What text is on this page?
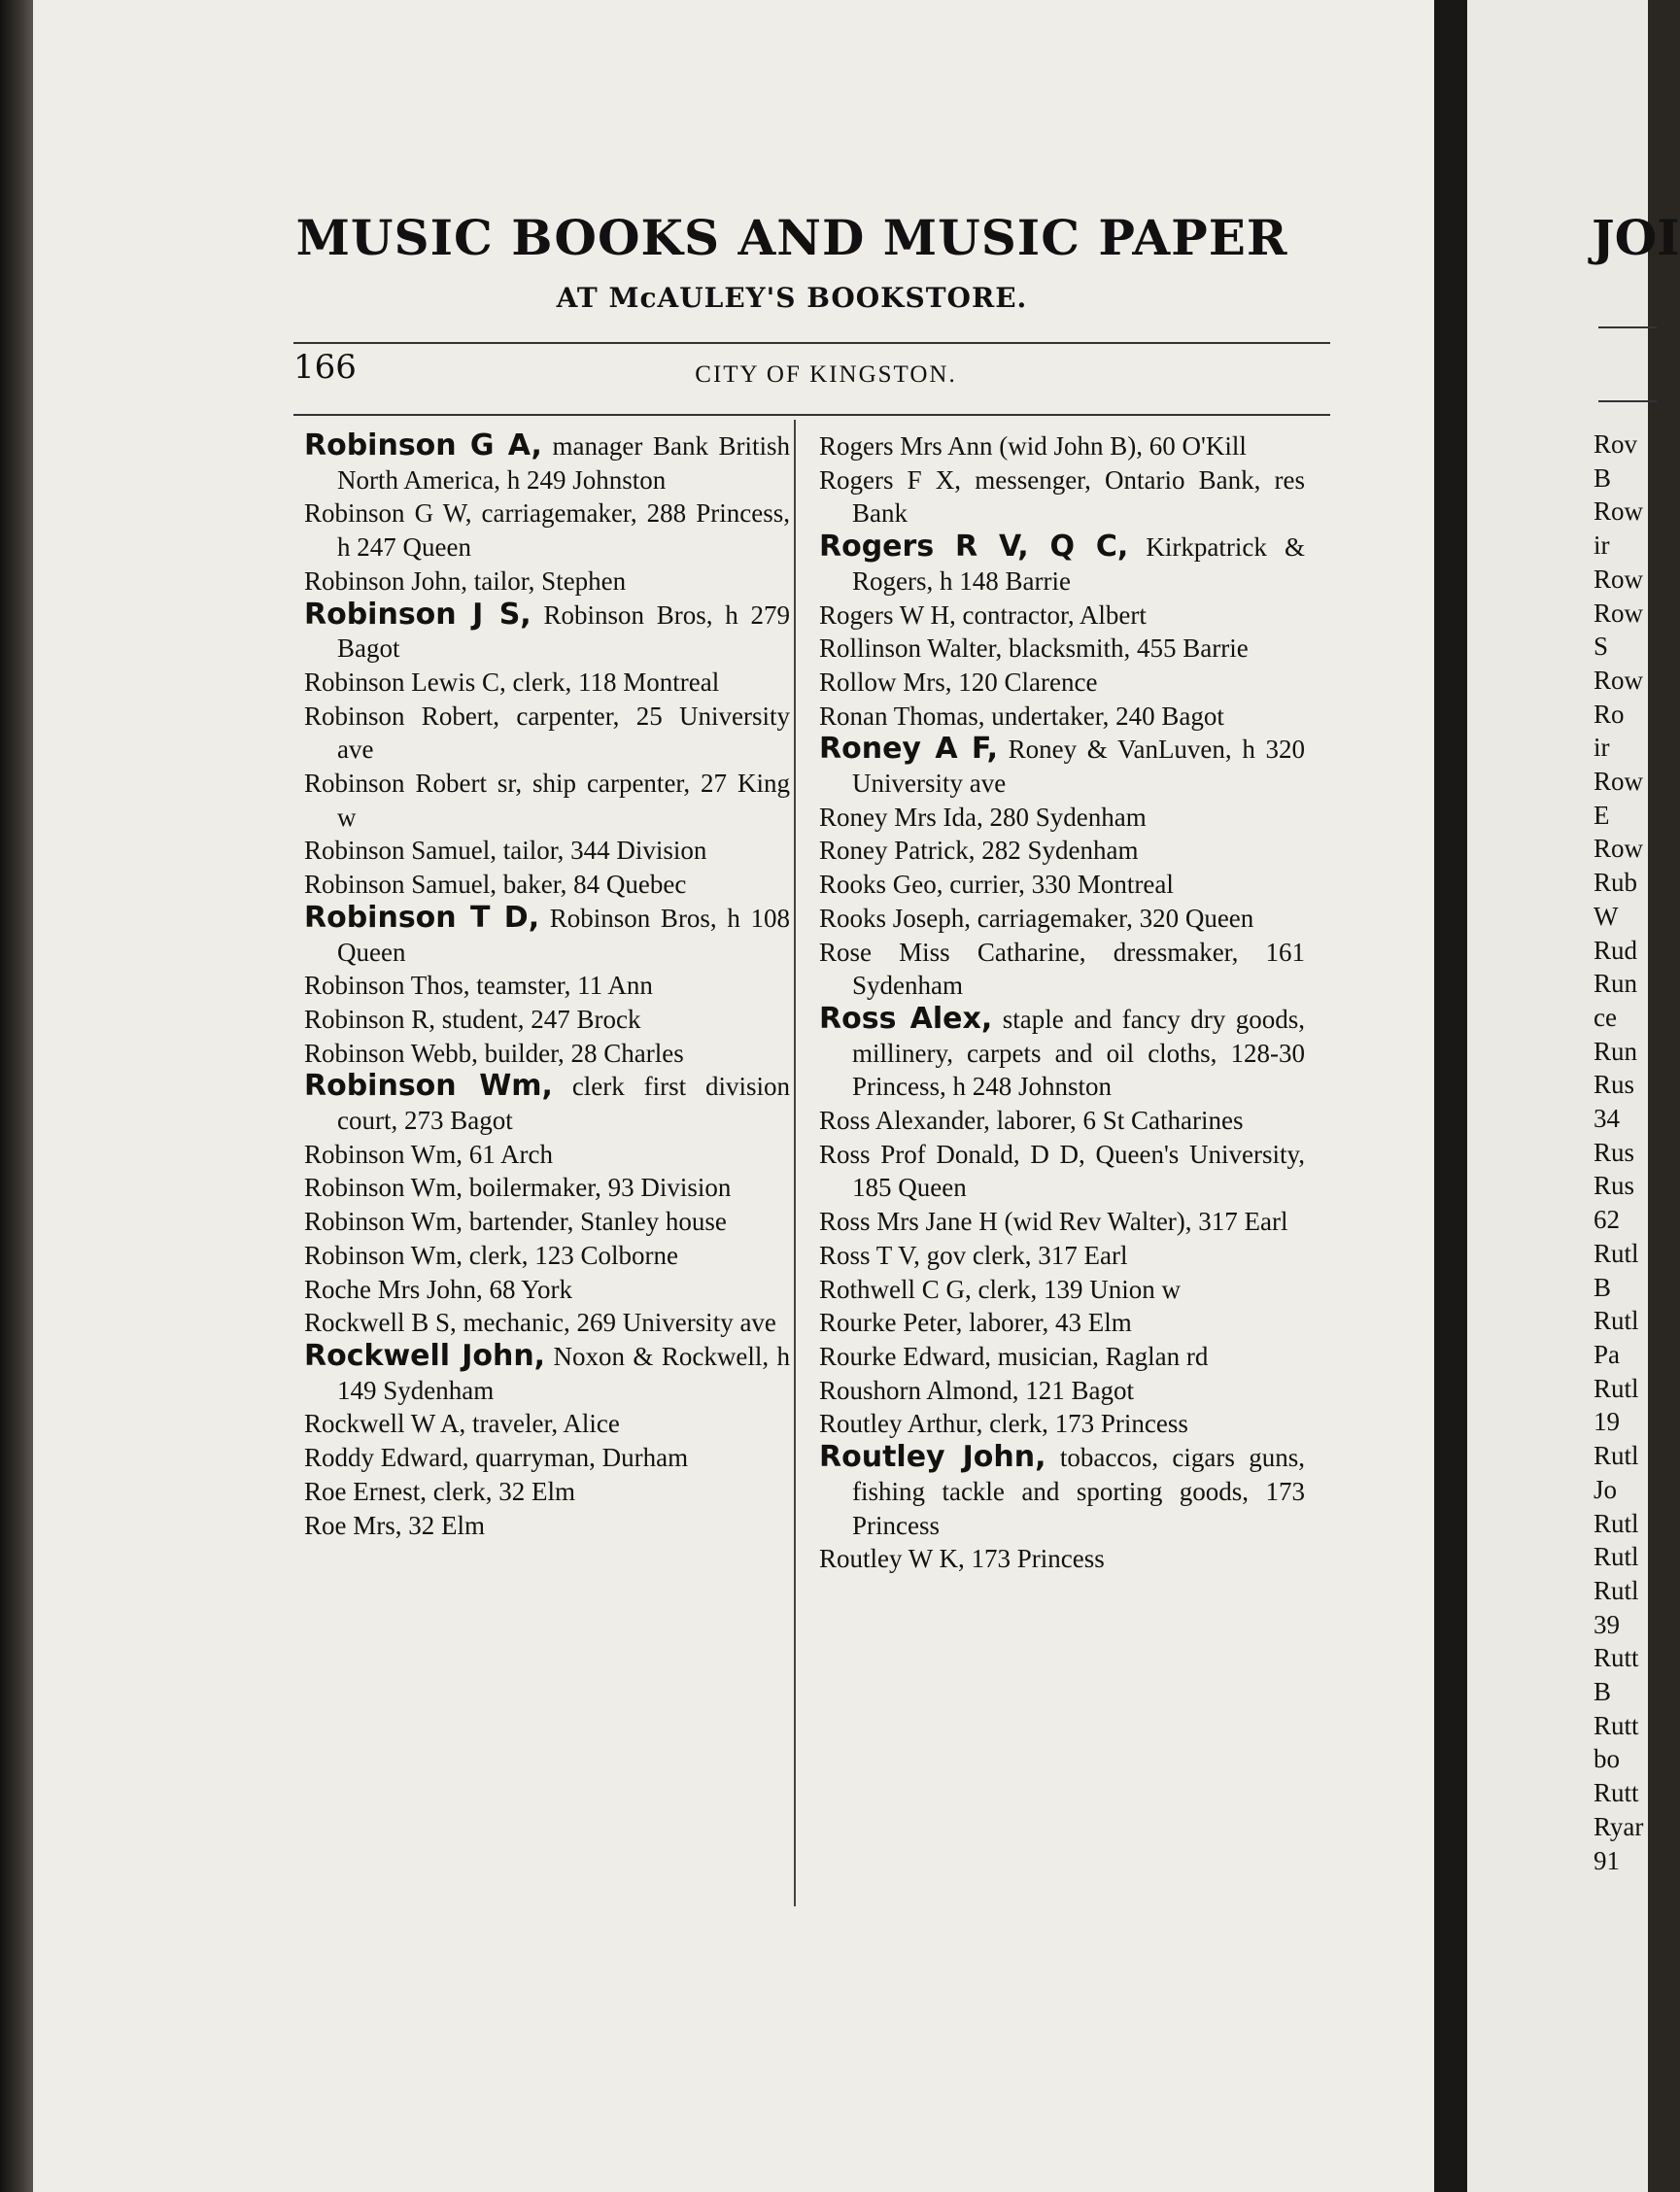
MUSIC BOOKS AND MUSIC PAPER
AT McAULEY'S BOOKSTORE.
166	CITY OF KINGSTON.
Robinson G A, manager Bank British North America, h 249 Johnston
Robinson G W, carriagemaker, 288 Princess, h 247 Queen
Robinson John, tailor, Stephen
Robinson J S, Robinson Bros, h 279 Bagot
Robinson Lewis C, clerk, 118 Montreal
Robinson Robert, carpenter, 25 University ave
Robinson Robert sr, ship carpenter, 27 King w
Robinson Samuel, tailor, 344 Division
Robinson Samuel, baker, 84 Quebec
Robinson T D, Robinson Bros, h 108 Queen
Robinson Thos, teamster, 11 Ann
Robinson R, student, 247 Brock
Robinson Webb, builder, 28 Charles
Robinson Wm, clerk first division court, 273 Bagot
Robinson Wm, 61 Arch
Robinson Wm, boilermaker, 93 Division
Robinson Wm, bartender, Stanley house
Robinson Wm, clerk, 123 Colborne
Roche Mrs John, 68 York
Rockwell B S, mechanic, 269 University ave
Rockwell John, Noxon & Rockwell, h 149 Sydenham
Rockwell W A, traveler, Alice
Roddy Edward, quarryman, Durham
Roe Ernest, clerk, 32 Elm
Roe Mrs, 32 Elm
Rogers Mrs Ann (wid John B), 60 O'Kill
Rogers F X, messenger, Ontario Bank, res Bank
Rogers R V, Q C, Kirkpatrick & Rogers, h 148 Barrie
Rogers W H, contractor, Albert
Rollinson Walter, blacksmith, 455 Barrie
Rollow Mrs, 120 Clarence
Ronan Thomas, undertaker, 240 Bagot
Roney A F, Roney & VanLuven, h 320 University ave
Roney Mrs Ida, 280 Sydenham
Roney Patrick, 282 Sydenham
Rooks Geo, currier, 330 Montreal
Rooks Joseph, carriagemaker, 320 Queen
Rose Miss Catharine, dressmaker, 161 Sydenham
Ross Alex, staple and fancy dry goods, millinery, carpets and oil cloths, 128-30 Princess, h 248 Johnston
Ross Alexander, laborer, 6 St Catharines
Ross Prof Donald, D D, Queen's University, 185 Queen
Ross Mrs Jane H (wid Rev Walter), 317 Earl
Ross T V, gov clerk, 317 Earl
Rothwell C G, clerk, 139 Union w
Rourke Peter, laborer, 43 Elm
Rourke Edward, musician, Raglan rd
Roushorn Almond, 121 Bagot
Routley Arthur, clerk, 173 Princess
Routley John, tobaccos, cigars guns, fishing tackle and sporting goods, 173 Princess
Routley W K, 173 Princess
JOI
Rov
B
Row
ir
Row
Row
S
Row
Ro
ir
Row
E
Row
Rub
W
Rud
Run
ce
Run
Rus
34
Rus
Rus
62
Rutl
B
Rutl
Pa
Rutl
19
Rutl
Jo
Rutl
Rutl
Rutl
39
Rutt
B
Rutt
bo
Rutt
Ryar
91
